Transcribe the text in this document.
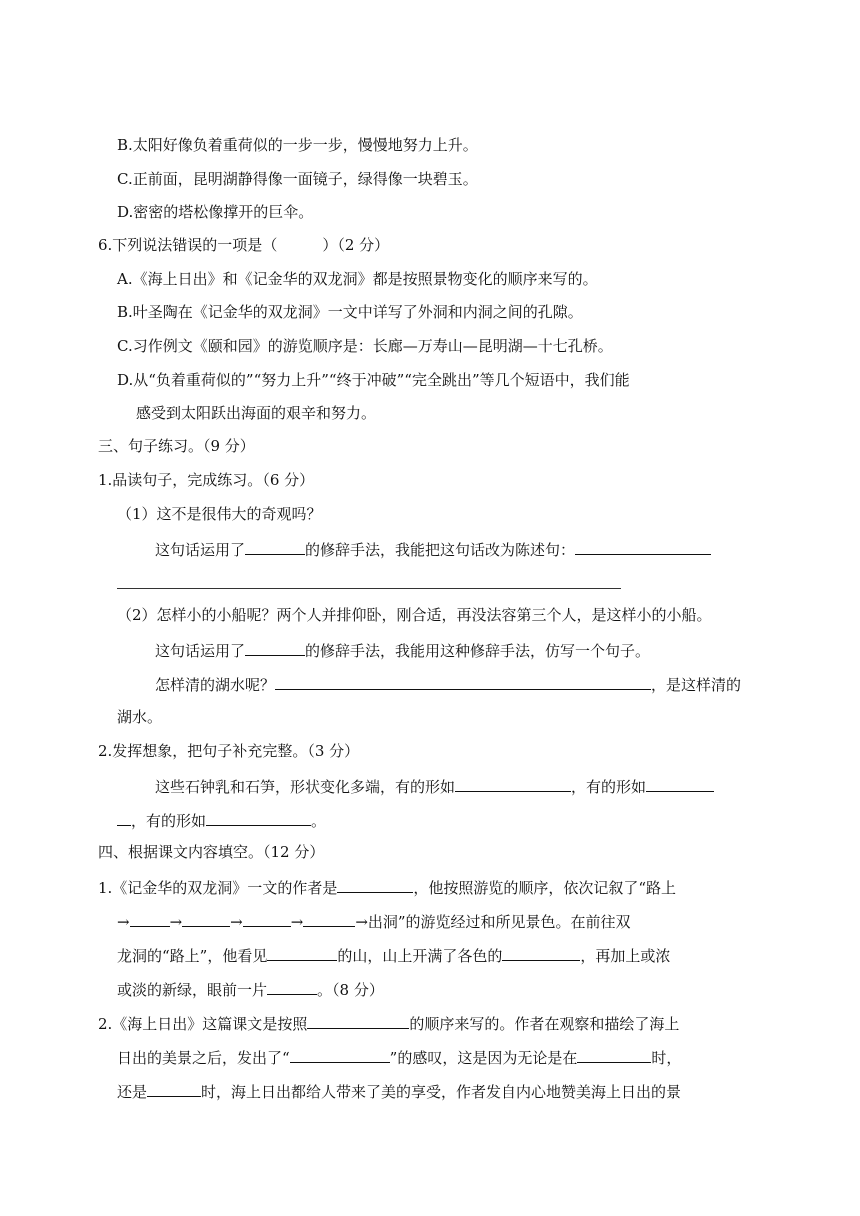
B.太阳好像负着重荷似的一步一步，慢慢地努力上升。
C.正前面，昆明湖静得像一面镜子，绿得像一块碧玉。
D.密密的塔松像撑开的巨伞。
6.下列说法错误的一项是（	）（2 分）
A.《海上日出》和《记金华的双龙洞》都是按照景物变化的顺序来写的。
B.叶圣陶在《记金华的双龙洞》一文中详写了外洞和内洞之间的孔隙。
C.习作例文《颐和园》的游览顺序是：长廊—万寿山—昆明湖—十七孔桥。
D.从“负着重荷似的”“努力上升”“终于冲破”“完全跳出”等几个短语中，我们能
感受到太阳跃出海面的艰辛和努力。
三、句子练习。（9 分）
1.品读句子，完成练习。（6 分）
（1）这不是很伟大的奇观吗？
这句话运用了	的修辞手法，我能把这句话改为陈述句：
（2）怎样小的小船呢？两个人并排仰卧，刚合适，再没法容第三个人，是这样小的小船。
这句话运用了	的修辞手法，我能用这种修辞手法，仿写一个句子。
怎样清的湖水呢？	，是这样清的
湖水。
2.发挥想象，把句子补充完整。（3 分）
这些石钟乳和石笋，形状变化多端，有的形如	，有的形如
，有的形如	。
四、根据课文内容填空。（12 分）
1.《记金华的双龙洞》一文的作者是	，他按照游览的顺序，依次记叙了“路上
→	→	→	→	→出洞”的游览经过和所见景色。在前往双
龙洞的“路上”，他看见	的山，山上开满了各色的	，再加上或浓
或淡的新绿，眼前一片	。（8 分）
2.《海上日出》这篇课文是按照	的顺序来写的。作者在观察和描绘了海上
日出的美景之后，发出了“	”的感叹，这是因为无论是在	时，
还是	时，海上日出都给人带来了美的享受，作者发自内心地赞美海上日出的景
